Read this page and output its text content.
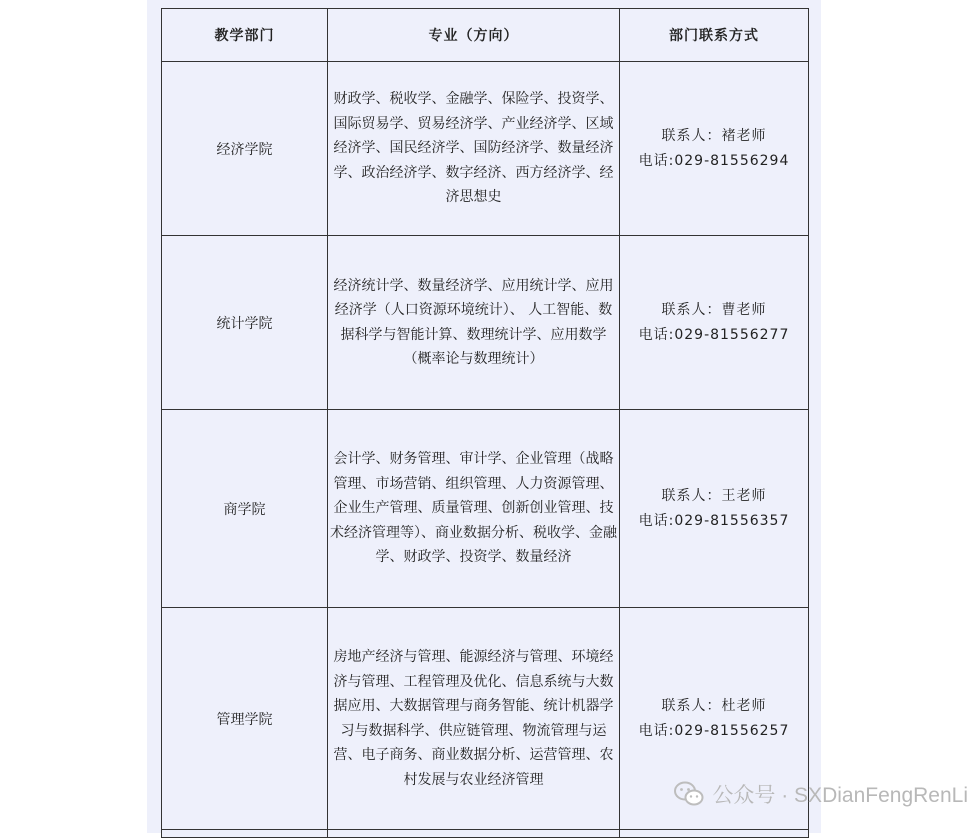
教学部门	专业（方向）	部门联系方式
经济学院	财政学、税收学、金融学、保险学、投资学、国际贸易学、贸易经济学、产业经济学、区域经济学、国民经济学、国防经济学、数量经济学、政治经济学、数字经济、西方经济学、经济思想史	联系人：褚老师
电话:029-81556294

统计学院	经济统计学、数量经济学、应用统计学、应用经济学（人口资源环境统计）、 人工智能、数据科学与智能计算、数理统计学、应用数学（概率论与数理统计）	联系人：曹老师
电话:029-81556277

商学院	会计学、财务管理、审计学、企业管理（战略管理、市场营销、组织管理、人力资源管理、企业生产管理、质量管理、创新创业管理、技术经济管理等）、商业数据分析、税收学、金融学、财政学、投资学、数量经济	联系人：王老师
电话:029-81556357

管理学院	房地产经济与管理、能源经济与管理、环境经济与管理、工程管理及优化、信息系统与大数据应用、大数据管理与商务智能、统计机器学习与数据科学、供应链管理、物流管理与运营、电子商务、商业数据分析、运营管理、农村发展与农业经济管理	联系人：杜老师
电话:029-81556257

公众号 · SXDianFengRenLi
